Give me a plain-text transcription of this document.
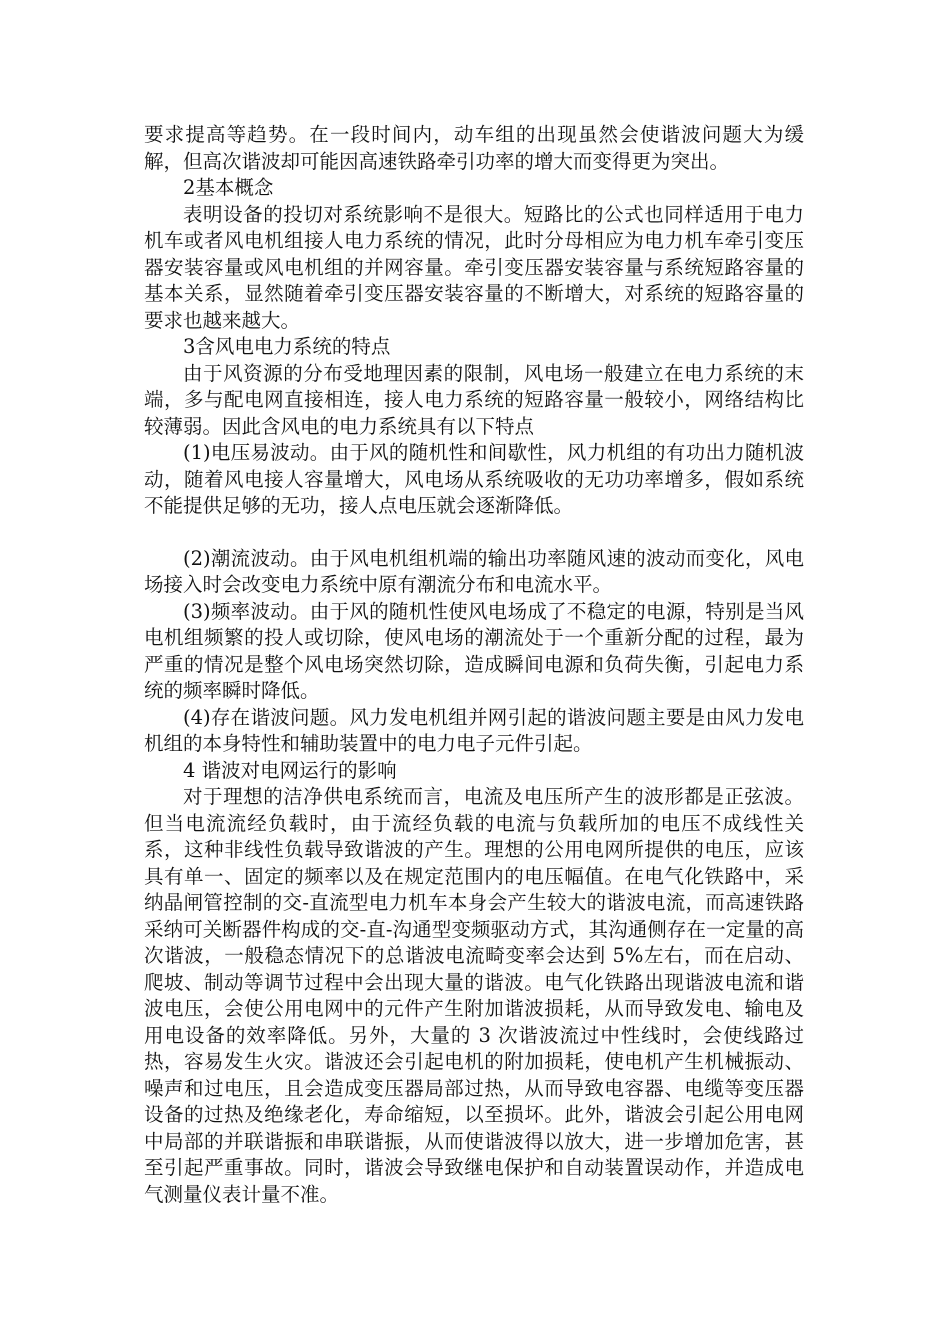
要求提高等趋势。在一段时间内，动车组的出现虽然会使谐波问题大为缓解，但高次谐波却可能因高速铁路牵引功率的增大而变得更为突出。

2基本概念

表明设备的投切对系统影响不是很大。短路比的公式也同样适用于电力机车或者风电机组接人电力系统的情况，此时分母相应为电力机车牵引变压器安装容量或风电机组的并网容量。牵引变压器安装容量与系统短路容量的基本关系，显然随着牵引变压器安装容量的不断增大，对系统的短路容量的要求也越来越大。

3含风电电力系统的特点

由于风资源的分布受地理因素的限制，风电场一般建立在电力系统的末端，多与配电网直接相连，接人电力系统的短路容量一般较小，网络结构比较薄弱。因此含风电的电力系统具有以下特点

(1)电压易波动。由于风的随机性和间歇性，风力机组的有功出力随机波动，随着风电接人容量增大，风电场从系统吸收的无功功率增多，假如系统不能提供足够的无功，接人点电压就会逐渐降低。

(2)潮流波动。由于风电机组机端的输出功率随风速的波动而变化，风电场接入时会改变电力系统中原有潮流分布和电流水平。

(3)频率波动。由于风的随机性使风电场成了不稳定的电源，特别是当风电机组频繁的投人或切除，使风电场的潮流处于一个重新分配的过程，最为严重的情况是整个风电场突然切除，造成瞬间电源和负荷失衡，引起电力系统的频率瞬时降低。

(4)存在谐波问题。风力发电机组并网引起的谐波问题主要是由风力发电机组的本身特性和辅助装置中的电力电子元件引起。

4 谐波对电网运行的影响

对于理想的洁净供电系统而言，电流及电压所产生的波形都是正弦波。但当电流流经负载时，由于流经负载的电流与负载所加的电压不成线性关系，这种非线性负载导致谐波的产生。理想的公用电网所提供的电压，应该具有单一、固定的频率以及在规定范围内的电压幅值。在电气化铁路中，采纳晶闸管控制的交-直流型电力机车本身会产生较大的谐波电流，而高速铁路采纳可关断器件构成的交-直-沟通型变频驱动方式，其沟通侧存在一定量的高次谐波，一般稳态情况下的总谐波电流畸变率会达到 5%左右，而在启动、爬坡、制动等调节过程中会出现大量的谐波。电气化铁路出现谐波电流和谐波电压，会使公用电网中的元件产生附加谐波损耗，从而导致发电、输电及用电设备的效率降低。另外，大量的 3 次谐波流过中性线时，会使线路过热，容易发生火灾。谐波还会引起电机的附加损耗，使电机产生机械振动、噪声和过电压，且会造成变压器局部过热，从而导致电容器、电缆等变压器设备的过热及绝缘老化，寿命缩短，以至损坏。此外，谐波会引起公用电网中局部的并联谐振和串联谐振，从而使谐波得以放大，进一步增加危害，甚至引起严重事故。同时，谐波会导致继电保护和自动装置误动作，并造成电气测量仪表计量不准。
